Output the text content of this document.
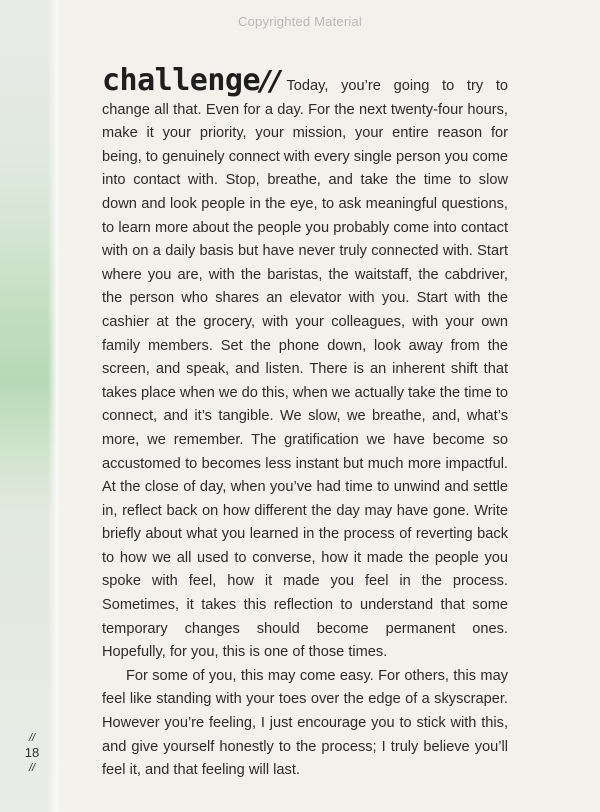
Copyrighted Material

challenge// Today, you’re going to try to change all that. Even for a day. For the next twenty-four hours, make it your priority, your mission, your entire reason for being, to genuinely connect with every single person you come into contact with. Stop, breathe, and take the time to slow down and look people in the eye, to ask meaningful questions, to learn more about the people you probably come into contact with on a daily basis but have never truly connected with. Start where you are, with the baristas, the waitstaff, the cabdriver, the person who shares an elevator with you. Start with the cashier at the grocery, with your colleagues, with your own family members. Set the phone down, look away from the screen, and speak, and listen. There is an inherent shift that takes place when we do this, when we actually take the time to connect, and it’s tangible. We slow, we breathe, and, what’s more, we remember. The gratification we have become so accustomed to becomes less instant but much more impactful. At the close of day, when you’ve had time to unwind and settle in, reflect back on how different the day may have gone. Write briefly about what you learned in the process of reverting back to how we all used to converse, how it made the people you spoke with feel, how it made you feel in the process. Sometimes, it takes this reflection to understand that some temporary changes should become permanent ones. Hopefully, for you, this is one of those times.

For some of you, this may come easy. For others, this may feel like standing with your toes over the edge of a skyscraper. However you’re feeling, I just encourage you to stick with this, and give yourself honestly to the process; I truly believe you’ll feel it, and that feeling will last.

//
18
//
